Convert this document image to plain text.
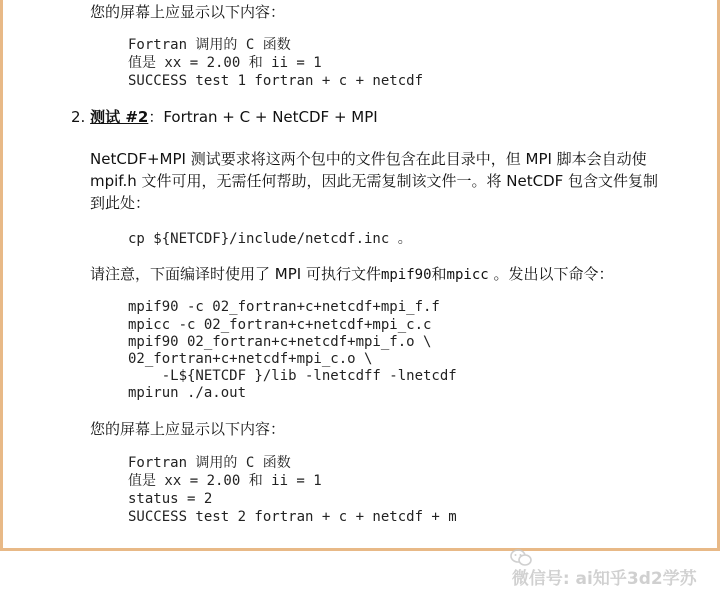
您的屏幕上应显示以下内容：
Fortran 调用的 C 函数
值是 xx = 2.00 和 ii = 1
SUCCESS test 1 fortran + c + netcdf
2. 测试 #2：Fortran + C + NetCDF + MPI
NetCDF+MPI 测试要求将这两个包中的文件包含在此目录中，但 MPI 脚本会自动使
mpif.h 文件可用，无需任何帮助，因此无需复制该文件一。将 NetCDF 包含文件复制
到此处：
cp ${NETCDF}/include/netcdf.inc 。
请注意，下面编译时使用了 MPI 可执行文件mpif90和mpicc 。发出以下命令：
mpif90 -c 02_fortran+c+netcdf+mpi_f.f
mpicc -c 02_fortran+c+netcdf+mpi_c.c
mpif90 02_fortran+c+netcdf+mpi_f.o \
02_fortran+c+netcdf+mpi_c.o \
-L${NETCDF }/lib -lnetcdff -lnetcdf
mpirun ./a.out
您的屏幕上应显示以下内容：
Fortran 调用的 C 函数
值是 xx = 2.00 和 ii = 1
status = 2
SUCCESS test 2 fortran + c + netcdf + m

微信号: ai知乎3d2学苏
